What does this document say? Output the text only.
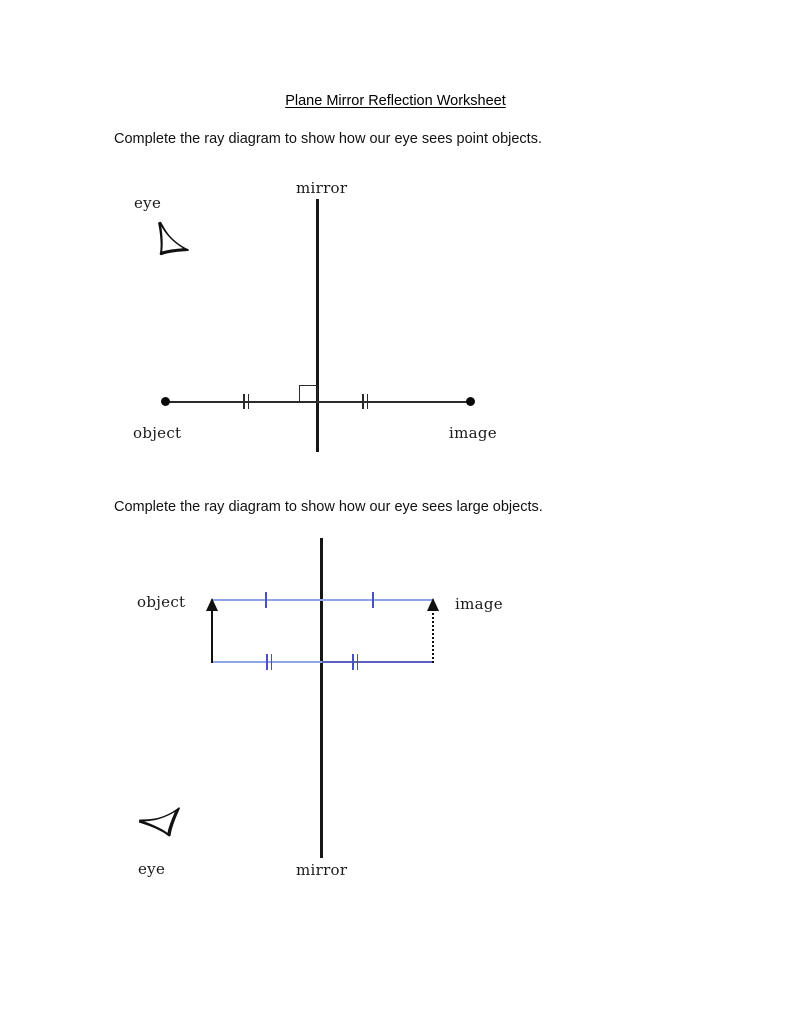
Plane Mirror Reflection Worksheet
Complete the ray diagram to show how our eye sees point objects.
mirror
eye
object	image
Complete the ray diagram to show how our eye sees large objects.
mirror
object	image
eye
